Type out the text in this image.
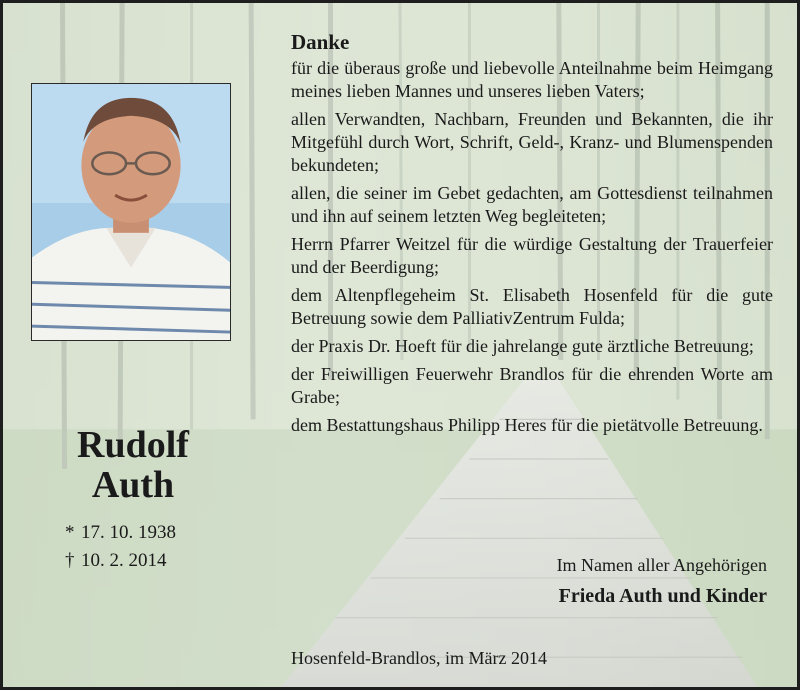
Rudolf
Auth
* 17. 10. 1938
† 10. 2. 2014
Danke
für die überaus große und liebevolle Anteilnahme beim Heimgang meines lieben Mannes und unseres lieben Vaters;
allen Verwandten, Nachbarn, Freunden und Bekannten, die ihr Mitgefühl durch Wort, Schrift, Geld-, Kranz- und Blumenspenden bekundeten;
allen, die seiner im Gebet gedachten, am Gottesdienst teilnahmen und ihn auf seinem letzten Weg begleiteten;
Herrn Pfarrer Weitzel für die würdige Gestaltung der Trauerfeier und der Beerdigung;
dem Altenpflegeheim St. Elisabeth Hosenfeld für die gute Betreuung sowie dem PalliativZentrum Fulda;
der Praxis Dr. Hoeft für die jahrelange gute ärztliche Betreuung;
der Freiwilligen Feuerwehr Brandlos für die ehrenden Worte am Grabe;
dem Bestattungshaus Philipp Heres für die pietätvolle Betreuung.
Im Namen aller Angehörigen
Frieda Auth und Kinder
Hosenfeld-Brandlos, im März 2014
